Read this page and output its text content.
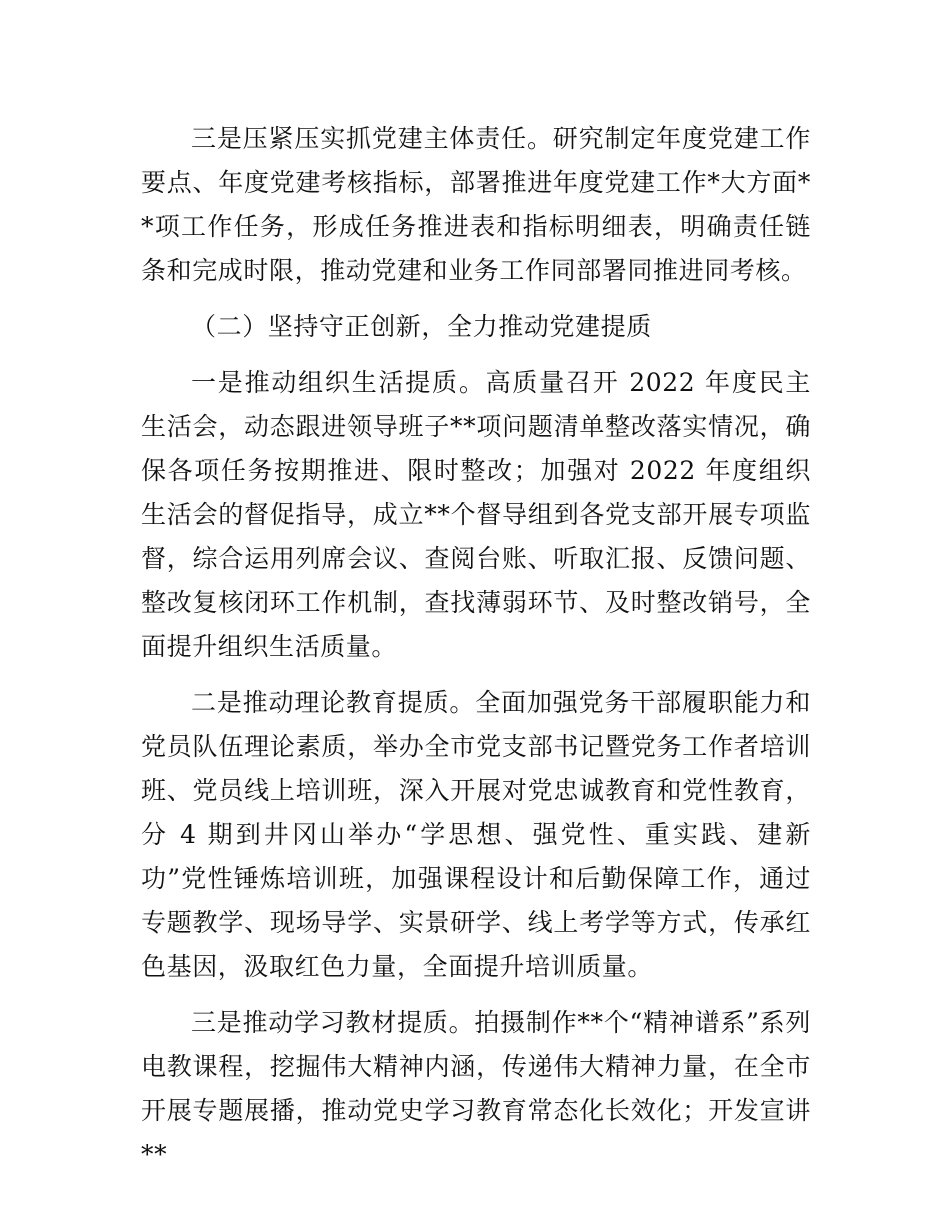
三是压紧压实抓党建主体责任。研究制定年度党建工作要点、年度党建考核指标，部署推进年度党建工作*大方面**项工作任务，形成任务推进表和指标明细表，明确责任链条和完成时限，推动党建和业务工作同部署同推进同考核。

（二）坚持守正创新，全力推动党建提质

一是推动组织生活提质。高质量召开 2022 年度民主生活会，动态跟进领导班子**项问题清单整改落实情况，确保各项任务按期推进、限时整改；加强对 2022 年度组织生活会的督促指导，成立**个督导组到各党支部开展专项监督，综合运用列席会议、查阅台账、听取汇报、反馈问题、整改复核闭环工作机制，查找薄弱环节、及时整改销号，全面提升组织生活质量。

二是推动理论教育提质。全面加强党务干部履职能力和党员队伍理论素质，举办全市党支部书记暨党务工作者培训班、党员线上培训班，深入开展对党忠诚教育和党性教育，分 4 期到井冈山举办“学思想、强党性、重实践、建新功”党性锤炼培训班，加强课程设计和后勤保障工作，通过专题教学、现场导学、实景研学、线上考学等方式，传承红色基因，汲取红色力量，全面提升培训质量。

三是推动学习教材提质。拍摄制作**个“精神谱系”系列电教课程，挖掘伟大精神内涵，传递伟大精神力量，在全市开展专题展播，推动党史学习教育常态化长效化；开发宣讲**
